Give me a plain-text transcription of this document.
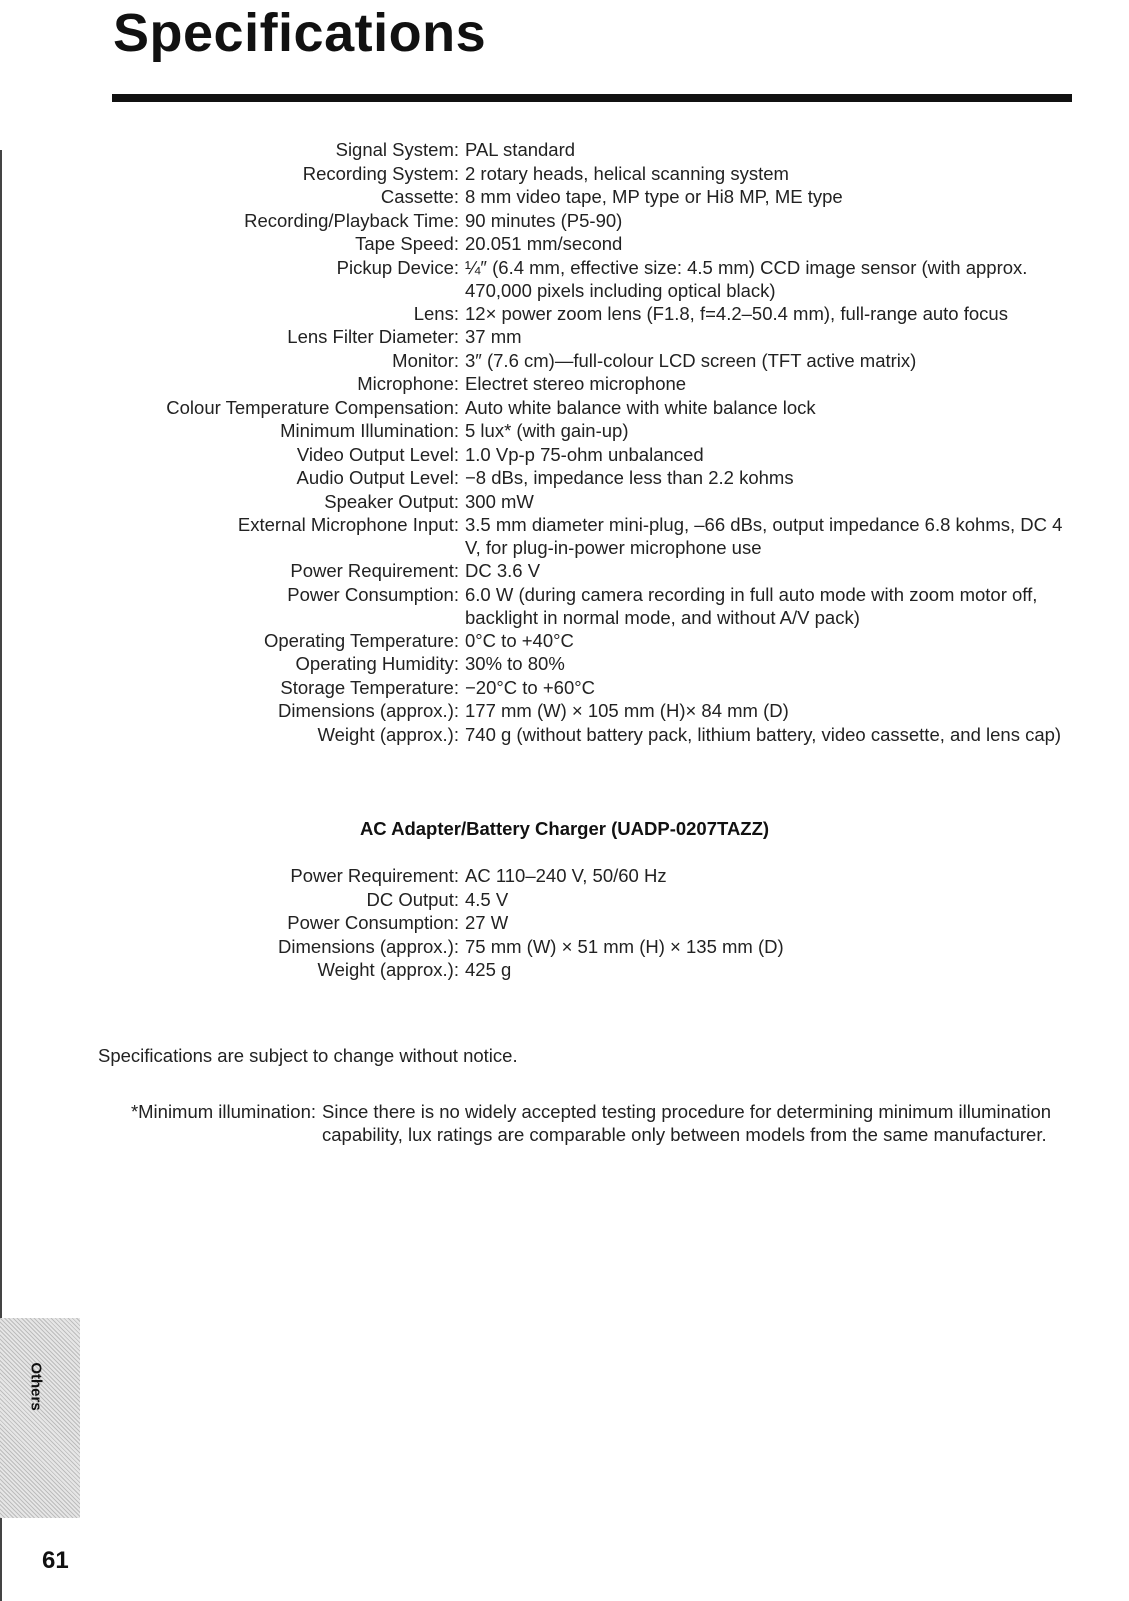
Specifications
Signal System: PAL standard
Recording System: 2 rotary heads, helical scanning system
Cassette: 8 mm video tape, MP type or Hi8 MP, ME type
Recording/Playback Time: 90 minutes (P5-90)
Tape Speed: 20.051 mm/second
Pickup Device: ¼″ (6.4 mm, effective size: 4.5 mm) CCD image sensor (with approx. 470,000 pixels including optical black)
Lens: 12× power zoom lens (F1.8, f=4.2–50.4 mm), full-range auto focus
Lens Filter Diameter: 37 mm
Monitor: 3″ (7.6 cm)—full-colour LCD screen (TFT active matrix)
Microphone: Electret stereo microphone
Colour Temperature Compensation: Auto white balance with white balance lock
Minimum Illumination: 5 lux* (with gain-up)
Video Output Level: 1.0 Vp-p 75-ohm unbalanced
Audio Output Level: −8 dBs, impedance less than 2.2 kohms
Speaker Output: 300 mW
External Microphone Input: 3.5 mm diameter mini-plug, –66 dBs, output impedance 6.8 kohms, DC 4 V, for plug-in-power microphone use
Power Requirement: DC 3.6 V
Power Consumption: 6.0 W (during camera recording in full auto mode with zoom motor off, backlight in normal mode, and without A/V pack)
Operating Temperature: 0°C to +40°C
Operating Humidity: 30% to 80%
Storage Temperature: −20°C to +60°C
Dimensions (approx.): 177 mm (W) × 105 mm (H)× 84 mm (D)
Weight (approx.): 740 g (without battery pack, lithium battery, video cassette, and lens cap)
AC Adapter/Battery Charger (UADP-0207TAZZ)
Power Requirement: AC 110–240 V, 50/60 Hz
DC Output: 4.5 V
Power Consumption: 27 W
Dimensions (approx.): 75 mm (W) × 51 mm (H) × 135 mm (D)
Weight (approx.): 425 g

Specifications are subject to change without notice.

*Minimum illumination: Since there is no widely accepted testing procedure for determining minimum illumination capability, lux ratings are comparable only between models from the same manufacturer.
Others
61
